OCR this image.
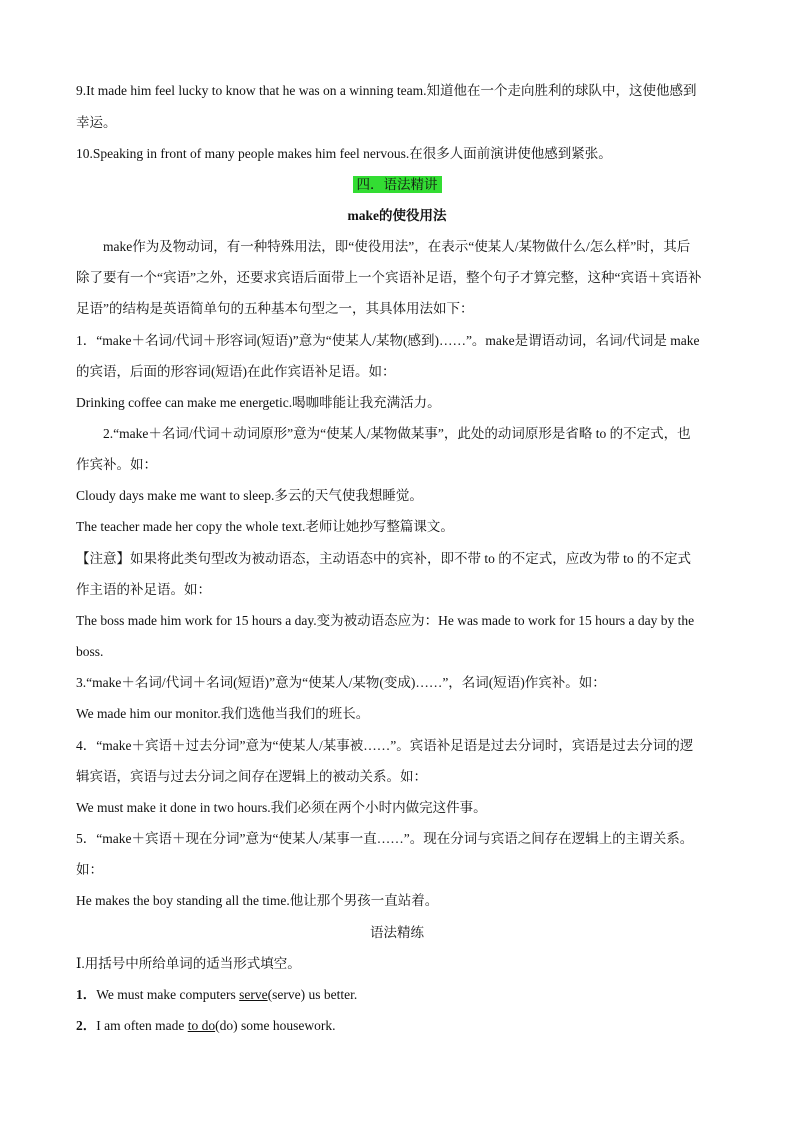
9.It made him feel lucky to know that he was on a winning team.知道他在一个走向胜利的球队中，这使他感到
幸运。
10.Speaking in front of many people makes him feel nervous.在很多人面前演讲使他感到紧张。
四．语法精讲
make的使役用法
make作为及物动词，有一种特殊用法，即“使役用法”，在表示“使某人/某物做什么/怎么样”时，其后
除了要有一个“宾语”之外，还要求宾语后面带上一个宾语补足语，整个句子才算完整，这种“宾语＋宾语补
足语”的结构是英语简单句的五种基本句型之一，其具体用法如下：
1．“make＋名词/代词＋形容词(短语)”意为“使某人/某物(感到)……”。make是谓语动词，名词/代词是 make
的宾语，后面的形容词(短语)在此作宾语补足语。如：
Drinking coffee can make me energetic.喝咖啡能让我充满活力。
2.“make＋名词/代词＋动词原形”意为“使某人/某物做某事”，此处的动词原形是省略 to 的不定式，也
作宾补。如：
Cloudy days make me want to sleep.多云的天气使我想睡觉。
The teacher made her copy the whole text.老师让她抄写整篇课文。
【注意】如果将此类句型改为被动语态，主动语态中的宾补，即不带 to 的不定式，应改为带 to 的不定式
作主语的补足语。如：
The boss made him work for 15 hours a day.变为被动语态应为：He was made to work for 15 hours a day by the
boss.
3.“make＋名词/代词＋名词(短语)”意为“使某人/某物(变成)……”，名词(短语)作宾补。如：
We made him our monitor.我们选他当我们的班长。
4．“make＋宾语＋过去分词”意为“使某人/某事被……”。宾语补足语是过去分词时，宾语是过去分词的逻
辑宾语，宾语与过去分词之间存在逻辑上的被动关系。如：
We must make it done in two hours.我们必须在两个小时内做完这件事。
5．“make＋宾语＋现在分词”意为“使某人/某事一直……”。现在分词与宾语之间存在逻辑上的主谓关系。
如：
He makes the boy standing all the time.他让那个男孩一直站着。
语法精练
Ⅰ.用括号中所给单词的适当形式填空。
1．We must make computers serve(serve) us better.
2．I am often made to do(do) some housework.
